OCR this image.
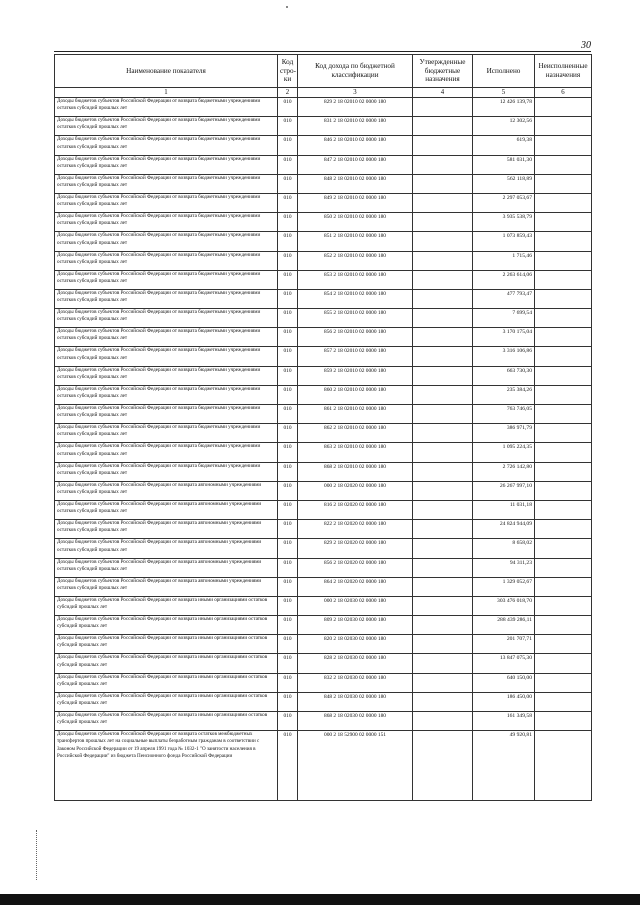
30
Наименование показателя	Код стро- ки	Код дохода по бюджетной классификации	Утвержденные бюджетные назначения	Исполнено	Неисполненные назначения
1	2	3	4	5	6
Доходы бюджетов субъектов Российской Федерации от возврата бюджетными учреждениями остатков субсидий прошлых лет	010	829 2 18 02010 02 0000 180		12 426 139,78	
Доходы бюджетов субъектов Российской Федерации от возврата бюджетными учреждениями остатков субсидий прошлых лет	010	831 2 18 02010 02 0000 180		12 302,56	
Доходы бюджетов субъектов Российской Федерации от возврата бюджетными учреждениями остатков субсидий прошлых лет	010	846 2 18 02010 02 0000 180		619,38	
Доходы бюджетов субъектов Российской Федерации от возврата бюджетными учреждениями остатков субсидий прошлых лет	010	847 2 18 02010 02 0000 180		581 031,30	
Доходы бюджетов субъектов Российской Федерации от возврата бюджетными учреждениями остатков субсидий прошлых лет	010	848 2 18 02010 02 0000 180		562 118,89	
Доходы бюджетов субъектов Российской Федерации от возврата бюджетными учреждениями остатков субсидий прошлых лет	010	849 2 18 02010 02 0000 180		2 297 053,67	
Доходы бюджетов субъектов Российской Федерации от возврата бюджетными учреждениями остатков субсидий прошлых лет	010	850 2 18 02010 02 0000 180		3 935 538,79	
Доходы бюджетов субъектов Российской Федерации от возврата бюджетными учреждениями остатков субсидий прошлых лет	010	851 2 18 02010 02 0000 180		1 073 859,43	
Доходы бюджетов субъектов Российской Федерации от возврата бюджетными учреждениями остатков субсидий прошлых лет	010	852 2 18 02010 02 0000 180		1 715,46	
Доходы бюджетов субъектов Российской Федерации от возврата бюджетными учреждениями остатков субсидий прошлых лет	010	853 2 18 02010 02 0000 180		2 263 614,06	
Доходы бюджетов субъектов Российской Федерации от возврата бюджетными учреждениями остатков субсидий прошлых лет	010	854 2 18 02010 02 0000 180		477 793,47	
Доходы бюджетов субъектов Российской Федерации от возврата бюджетными учреждениями остатков субсидий прошлых лет	010	855 2 18 02010 02 0000 180		7 699,54	
Доходы бюджетов субъектов Российской Федерации от возврата бюджетными учреждениями остатков субсидий прошлых лет	010	856 2 18 02010 02 0000 180		3 170 175,04	
Доходы бюджетов субъектов Российской Федерации от возврата бюджетными учреждениями остатков субсидий прошлых лет	010	857 2 18 02010 02 0000 180		3 316 106,86	
Доходы бюджетов субъектов Российской Федерации от возврата бюджетными учреждениями остатков субсидий прошлых лет	010	859 2 18 02010 02 0000 180		663 730,30	
Доходы бюджетов субъектов Российской Федерации от возврата бюджетными учреждениями остатков субсидий прошлых лет	010	860 2 18 02010 02 0000 180		235 384,26	
Доходы бюджетов субъектов Российской Федерации от возврата бюджетными учреждениями остатков субсидий прошлых лет	010	861 2 18 02010 02 0000 180		763 746,05	
Доходы бюджетов субъектов Российской Федерации от возврата бюджетными учреждениями остатков субсидий прошлых лет	010	862 2 18 02010 02 0000 180		386 971,79	
Доходы бюджетов субъектов Российской Федерации от возврата бюджетными учреждениями остатков субсидий прошлых лет	010	863 2 18 02010 02 0000 180		1 095 224,35	
Доходы бюджетов субъектов Российской Федерации от возврата бюджетными учреждениями остатков субсидий прошлых лет	010	868 2 18 02010 02 0000 180		2 726 142,80	
Доходы бюджетов субъектов Российской Федерации от возврата автономными учреждениями остатков субсидий прошлых лет	010	000 2 18 02020 02 0000 180		26 267 997,10	
Доходы бюджетов субъектов Российской Федерации от возврата автономными учреждениями остатков субсидий прошлых лет	010	816 2 18 02020 02 0000 180		11 031,18	
Доходы бюджетов субъектов Российской Федерации от возврата автономными учреждениями остатков субсидий прошлых лет	010	822 2 18 02020 02 0000 180		24 824 944,09	
Доходы бюджетов субъектов Российской Федерации от возврата автономными учреждениями остатков субсидий прошлых лет	010	829 2 18 02020 02 0000 180		8 658,02	
Доходы бюджетов субъектов Российской Федерации от возврата автономными учреждениями остатков субсидий прошлых лет	010	856 2 18 02020 02 0000 180		94 311,23	
Доходы бюджетов субъектов Российской Федерации от возврата автономными учреждениями остатков субсидий прошлых лет	010	864 2 18 02020 02 0000 180		1 329 052,67	
Доходы бюджетов субъектов Российской Федерации от возврата иными организациями остатков субсидий прошлых лет	010	000 2 18 02030 02 0000 180		303 476 018,70	
Доходы бюджетов субъектов Российской Федерации от возврата иными организациями остатков субсидий прошлых лет	010	809 2 18 02030 02 0000 180		288 439 286,11	
Доходы бюджетов субъектов Российской Федерации от возврата иными организациями остатков субсидий прошлых лет	010	820 2 18 02030 02 0000 180		201 707,71	
Доходы бюджетов субъектов Российской Федерации от возврата иными организациями остатков субсидий прошлых лет	010	828 2 18 02030 02 0000 180		13 847 075,30	
Доходы бюджетов субъектов Российской Федерации от возврата иными организациями остатков субсидий прошлых лет	010	832 2 18 02030 02 0000 180		640 150,00	
Доходы бюджетов субъектов Российской Федерации от возврата иными организациями остатков субсидий прошлых лет	010	848 2 18 02030 02 0000 180		186 450,00	
Доходы бюджетов субъектов Российской Федерации от возврата иными организациями остатков субсидий прошлых лет	010	868 2 18 02030 02 0000 180		161 349,58	
Доходы бюджетов субъектов Российской Федерации от возврата остатков межбюджетных трансфертов прошлых лет на социальные выплаты безработным гражданам в соответствии с Законом Российской Федерации от 19 апреля 1991 года № 1032-1 "О занятости населения в Российской Федерации" из бюджета Пенсионного фонда Российской Федерации	010	000 2 18 52900 02 0000 151		49 920,81	
